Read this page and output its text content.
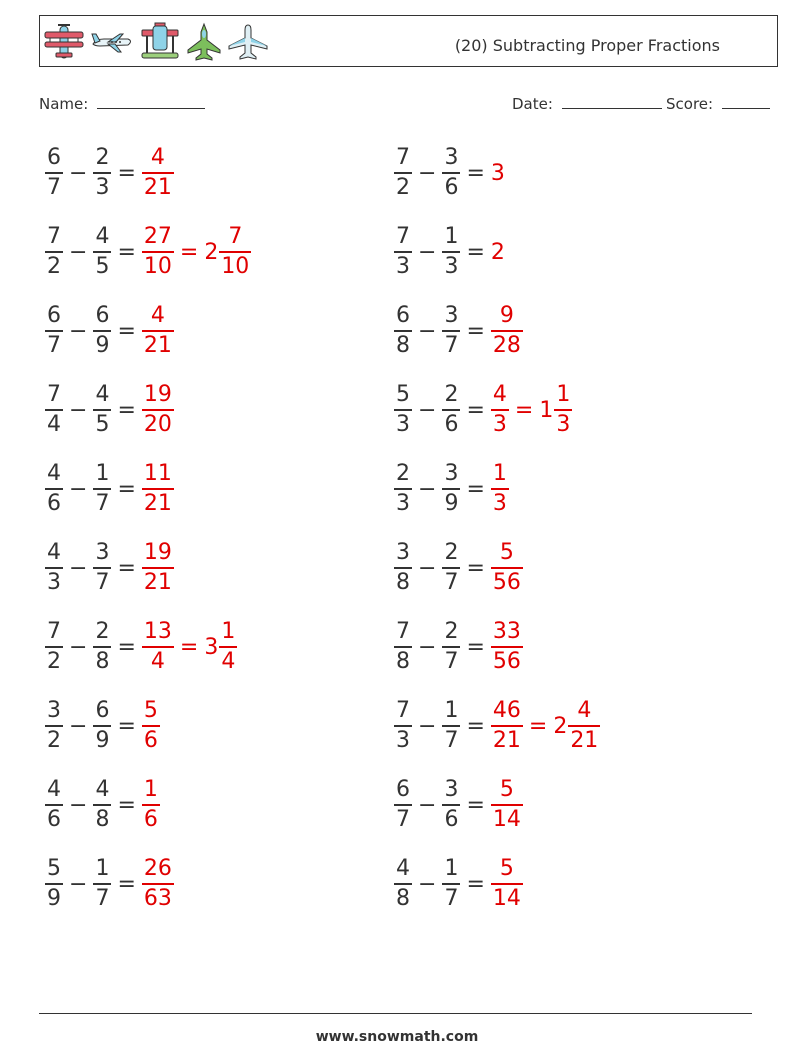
(20) Subtracting Proper Fractions
Name:	Date:	Score:
$\frac{6}{7} - \frac{2}{3} = \frac{4}{21}$	$\frac{7}{2} - \frac{3}{6} = 3$
$\frac{7}{2} - \frac{4}{5} = \frac{27}{10} = 2 \frac{7}{10}$	$\frac{7}{3} - \frac{1}{3} = 2$
$\frac{6}{7} - \frac{6}{9} = \frac{4}{21}$	$\frac{6}{8} - \frac{3}{7} = \frac{9}{28}$
$\frac{7}{4} - \frac{4}{5} = \frac{19}{20}$	$\frac{5}{3} - \frac{2}{6} = \frac{4}{3} = 1 \frac{1}{3}$
$\frac{4}{6} - \frac{1}{7} = \frac{11}{21}$	$\frac{2}{3} - \frac{3}{9} = \frac{1}{3}$
$\frac{4}{3} - \frac{3}{7} = \frac{19}{21}$	$\frac{3}{8} - \frac{2}{7} = \frac{5}{56}$
$\frac{7}{2} - \frac{2}{8} = \frac{13}{4} = 3 \frac{1}{4}$	$\frac{7}{8} - \frac{2}{7} = \frac{33}{56}$
$\frac{3}{2} - \frac{6}{9} = \frac{5}{6}$	$\frac{7}{3} - \frac{1}{7} = \frac{46}{21} = 2 \frac{4}{21}$
$\frac{4}{6} - \frac{4}{8} = \frac{1}{6}$	$\frac{6}{7} - \frac{3}{6} = \frac{5}{14}$
$\frac{5}{9} - \frac{1}{7} = \frac{26}{63}$	$\frac{4}{8} - \frac{1}{7} = \frac{5}{14}$
www.snowmath.com
